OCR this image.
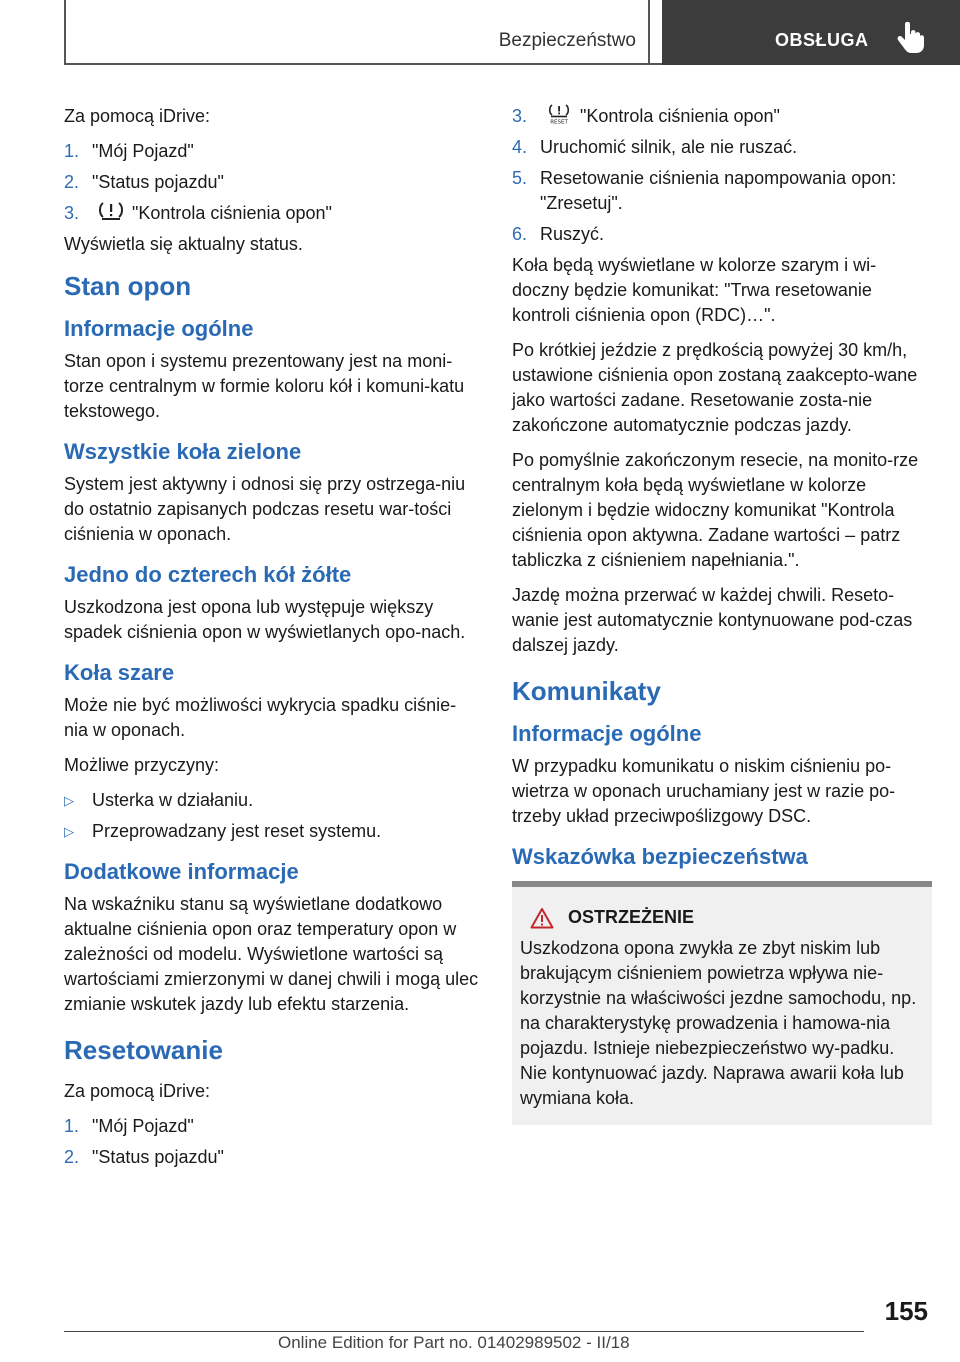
Bezpieczeństwo	OBSŁUGA

Za pomocą iDrive:

1. "Mój Pojazd"
2. "Status pojazdu"
3.	"Kontrola ciśnienia opon"

Wyświetla się aktualny status.

Stan opon
Informacje ogólne

Stan opon i systemu prezentowany jest na moni-torze centralnym w formie koloru kół i komuni-katu tekstowego.

Wszystkie koła zielone

System jest aktywny i odnosi się przy ostrzega-niu do ostatnio zapisanych podczas resetu war-tości ciśnienia w oponach.

Jedno do czterech kół żółte

Uszkodzona jest opona lub występuje większy spadek ciśnienia opon w wyświetlanych opo-nach.

Koła szare

Może nie być możliwości wykrycia spadku ciśnie-nia w oponach.

Możliwe przyczyny:

▷	Usterka w działaniu.
▷	Przeprowadzany jest reset systemu.
Dodatkowe informacje

Na wskaźniku stanu są wyświetlane dodatkowo aktualne ciśnienia opon oraz temperatury opon w zależności od modelu. Wyświetlone wartości są wartościami zmierzonymi w danej chwili i mogą ulec zmianie wskutek jazdy lub efektu starzenia.

Resetowanie

Za pomocą iDrive:

1. "Mój Pojazd"
2. "Status pojazdu"
3.	RESET "Kontrola ciśnienia opon"
4. Uruchomić silnik, ale nie ruszać.
5. Resetowanie ciśnienia napompowania opon: "Zresetuj".
6. Ruszyć.

Koła będą wyświetlane w kolorze szarym i wi-doczny będzie komunikat: "Trwa resetowanie kontroli ciśnienia opon (RDC)…".

Po krótkiej jeździe z prędkością powyżej 30 km/h, ustawione ciśnienia opon zostaną zaakcepto-wane jako wartości zadane. Resetowanie zosta-nie zakończone automatycznie podczas jazdy.

Po pomyślnie zakończonym resecie, na monito-rze centralnym koła będą wyświetlane w kolorze zielonym i będzie widoczny komunikat "Kontrola ciśnienia opon aktywna. Zadane wartości – patrz tabliczka z ciśnieniem napełniania.".

Jazdę można przerwać w każdej chwili. Reseto-wanie jest automatycznie kontynuowane pod-czas dalszej jazdy.

Komunikaty
Informacje ogólne

W przypadku komunikatu o niskim ciśnieniu po-wietrza w oponach uruchamiany jest w razie po-trzeby układ przeciwpoślizgowy DSC.

Wskazówka bezpieczeństwa
OSTRZEŻENIE

Uszkodzona opona zwykła ze zbyt niskim lub brakującym ciśnieniem powietrza wpływa nie-korzystnie na właściwości jezdne samochodu, np. na charakterystykę prowadzenia i hamowa-nia pojazdu. Istnieje niebezpieczeństwo wy-padku. Nie kontynuować jazdy. Naprawa awarii koła lub wymiana koła.

155
Online Edition for Part no. 01402989502 - II/18
